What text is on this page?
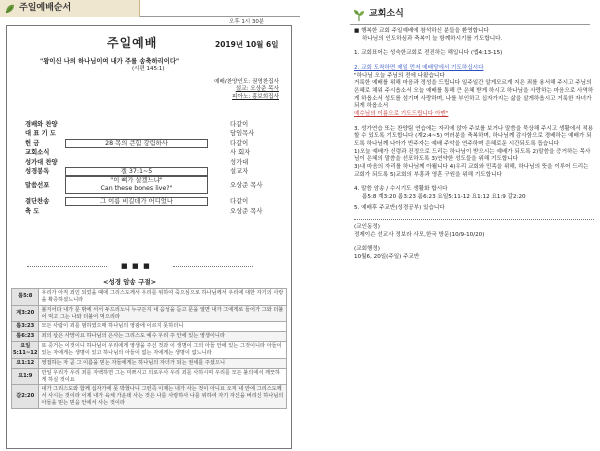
주일예배순서
오후 1시 30분
주일예배	2019년 10월 6일
"왕이신 나의 하나님이여 내가 주를 송축하리이다"
(시편 145:1)
예배/찬양인도: 권영찬집사
설교: 오상준 목사
피아노: 홍보희집사
경배와 찬양	다같이
대 표 기 도	담임목사
헌 금	28 목의 큰힘 강림하사	다같이
교회소식	사 회자
성가대 찬양	성가대
성경봉독	겔 37:1~5	설교자
말씀선포
"이 뼈가 살겠느냐"
Can these bones live?"	오상준 목사
결단찬송	그 이름 비길데가 어디었나	다같이
축 도	오상준 목사
■ ■ ■
<성경 암송 구절>
롬5:8	우리가 아직 죄인 되었을 때에 그리스도께서 우리를 위하여 죽으심으로 하나님께서 우리에 대한 자기의 사랑을 확증하셨느니라
계3:20	볼지어다 내가 문 밖에 서서 두드리노니 누구든지 내 음성을 듣고 문을 열면 내가 그에게로 들어가 그와 더불어 먹고 그는 나와 더불어 먹으리라
롬3:23	모든 사람이 죄를 범하였으매 하나님의 영광에 이르지 못하더니
롬6:23	죄의 삯은 사망이요 하나님의 은사는 그리스도 예수 우리 주 안에 있는 영생이니라
요일 5:11~12	또 증거는 이것이니 하나님이 우리에게 영생을 주신 것과 이 생명이 그의 아들 안에 있는 그것이니라 아들이 있는 자에게는 생명이 있고 하나님의 아들이 없는 자에게는 생명이 없느니라
요1:12	영접하는 자 곧 그 이름을 믿는 자들에게는 하나님의 자녀가 되는 권세를 주셨으니
요1:9	만일 우리가 우리 죄를 자백하면 그는 미쁘시고 의로우사 우리 죄를 사하시며 우리를 모든 불의에서 깨끗하게 하실 것이요
갈2:20	내가 그리스도와 함께 십자가에 못 박혔나니 그런즉 이제는 내가 사는 것이 아니요 오직 내 안에 그리스도께서 사시는 것이라 이제 내가 육체 가운데 사는 것은 나를 사랑하사 나를 위하여 자기 자신을 버리신 하나님의 아들을 믿는 믿음 안에서 사는 것이라
교회소식
■ 행복한 교회 주일예배에 참석하신 분들을 환영합니다
하나님의 인도하심과 축복이 늘 함께하시기를 기도합니다.
1. 교회표어는 성숙한교회로 전진하는 해입니다 (엡4:13-15)
2. 교회 도착하면 제일 먼저 예배당에서 기도하십시다
"하나님 오늘 주님의 전에 나왔습니다
거룩한 예배를 위해 마음과 정성을 드립니다 일주일간 알게모르게 지은 죄를 용서해 주시고 주님의 은혜로 채워 주시옵소서 오늘 예배를 통해 큰 은혜 받게 하시고 하나님을 사랑하는 마음으로 사역하게 하옵소서 성도를 섬기며 사랑하며, 나를 부인하고 십자가지는 삶을 살게하옵시고 거룩한 자녀가 되게 하옵소서
예수님의 이름으로 기도드립니다 아멘"
3. 성가연습 또는 찬양팀 연습에는 자리에 앉아 주보를 보거나 말씀을 묵상해 주시고 생활에서 적용할 수 있도록 기도합니다 (계2:4~5) 여러분을 축복하며, 하나님께 감사함으로 경배하는 예배가 되도록 하나님께 나아가 반주자는 예배 주악을 연주하며 은혜로운 시간되도록 돕습니다
1)오늘 예배가 신령과 진정으로 드리는 하나님이 받으시는 예배가 되도록 2)말씀을 증거하는 목사님이 은혜의 말씀을 선포하도록 3)연약한 성도들을 위해 기도합니다
3)내 마음의 자리를 하나님께 아룁니다 4)우리 교회와 민족을 위해, 하나님의 뜻을 이루어 드리는 교회가 되도록 5)교회의 부흥과 영혼 구원을 위해 기도합니다
4. 말씀 암송 / 수시기도 생활화 합시다
롬5:8 계3:20 롬3:23 롬6:23 요일5:11-12 요1:12 요1:9 갈2:20
5. 예배후 주교반(성경공부) 있습니다
(교인동정)
정제이슨 선교사 정보라 사모,한국 방문(10/9-10/20)
(교회행정)
10월6, 20일(주일) 주교반
